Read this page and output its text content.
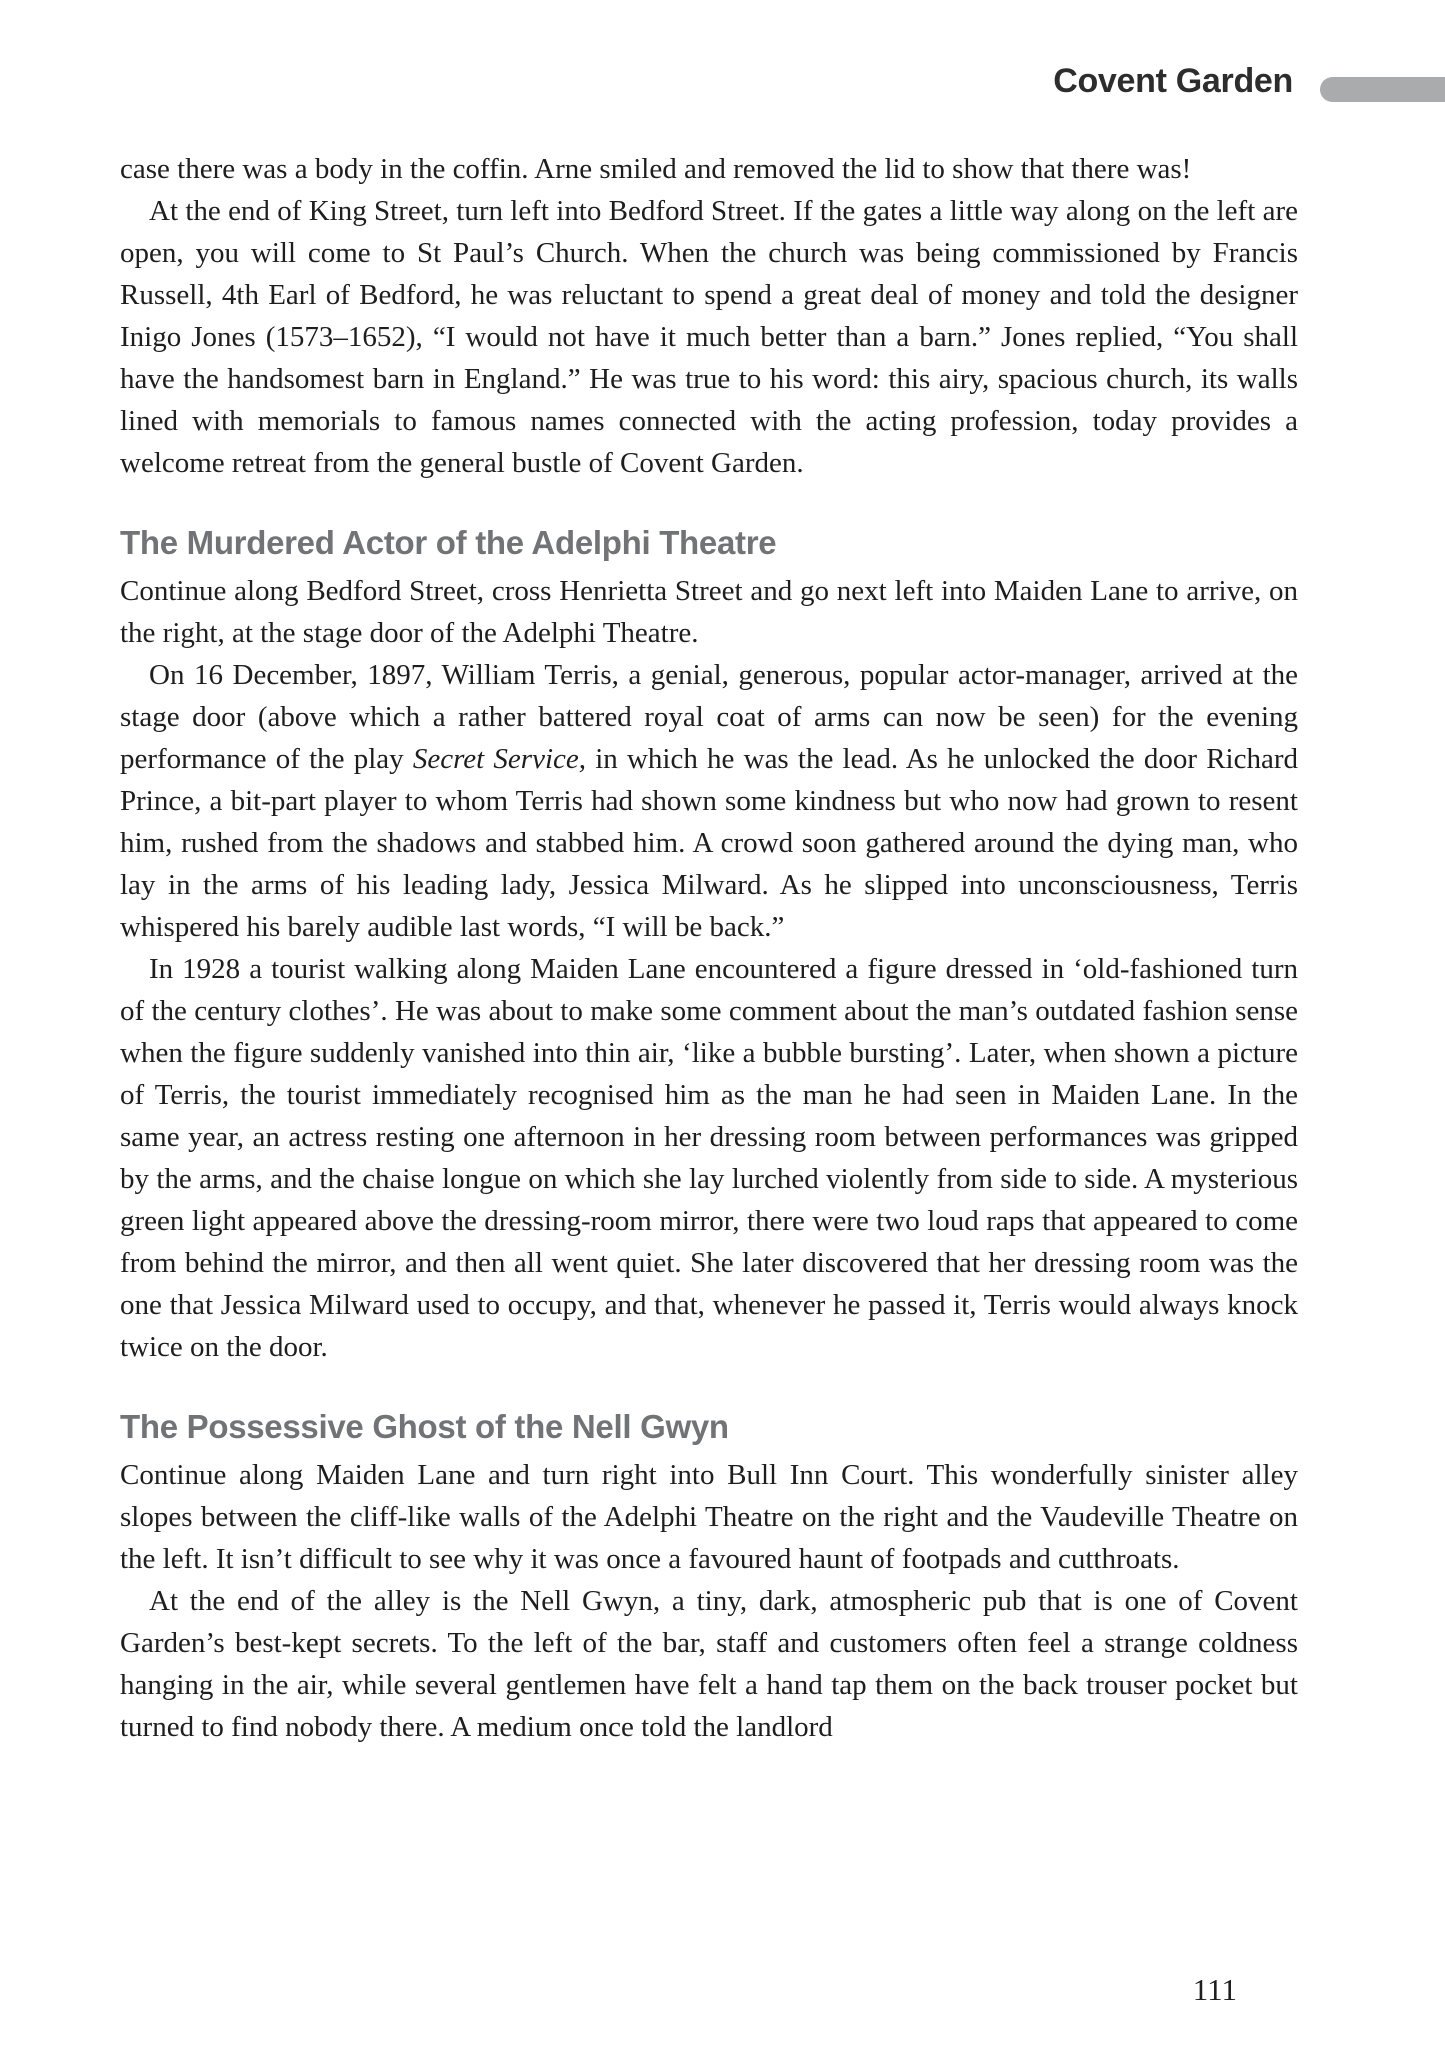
Covent Garden

case there was a body in the coffin. Arne smiled and removed the lid to show that there was!

At the end of King Street, turn left into Bedford Street. If the gates a little way along on the left are open, you will come to St Paul’s Church. When the church was being commissioned by Francis Russell, 4th Earl of Bedford, he was reluctant to spend a great deal of money and told the designer Inigo Jones (1573–1652), “I would not have it much better than a barn.” Jones replied, “You shall have the handsomest barn in England.” He was true to his word: this airy, spacious church, its walls lined with memorials to famous names connected with the acting profession, today provides a welcome retreat from the general bustle of Covent Garden.

The Murdered Actor of the Adelphi Theatre

Continue along Bedford Street, cross Henrietta Street and go next left into Maiden Lane to arrive, on the right, at the stage door of the Adelphi Theatre.

On 16 December, 1897, William Terris, a genial, generous, popular actor-manager, arrived at the stage door (above which a rather battered royal coat of arms can now be seen) for the evening performance of the play Secret Service, in which he was the lead. As he unlocked the door Richard Prince, a bit-part player to whom Terris had shown some kindness but who now had grown to resent him, rushed from the shadows and stabbed him. A crowd soon gathered around the dying man, who lay in the arms of his leading lady, Jessica Milward. As he slipped into unconsciousness, Terris whispered his barely audible last words, “I will be back.”

In 1928 a tourist walking along Maiden Lane encountered a figure dressed in ‘old-fashioned turn of the century clothes’. He was about to make some comment about the man’s outdated fashion sense when the figure suddenly vanished into thin air, ‘like a bubble bursting’. Later, when shown a picture of Terris, the tourist immediately recognised him as the man he had seen in Maiden Lane. In the same year, an actress resting one afternoon in her dressing room between performances was gripped by the arms, and the chaise longue on which she lay lurched violently from side to side. A mysterious green light appeared above the dressing-room mirror, there were two loud raps that appeared to come from behind the mirror, and then all went quiet. She later discovered that her dressing room was the one that Jessica Milward used to occupy, and that, whenever he passed it, Terris would always knock twice on the door.

The Possessive Ghost of the Nell Gwyn

Continue along Maiden Lane and turn right into Bull Inn Court. This wonderfully sinister alley slopes between the cliff-like walls of the Adelphi Theatre on the right and the Vaudeville Theatre on the left. It isn’t difficult to see why it was once a favoured haunt of footpads and cutthroats.

At the end of the alley is the Nell Gwyn, a tiny, dark, atmospheric pub that is one of Covent Garden’s best-kept secrets. To the left of the bar, staff and customers often feel a strange coldness hanging in the air, while several gentlemen have felt a hand tap them on the back trouser pocket but turned to find nobody there. A medium once told the landlord

111
